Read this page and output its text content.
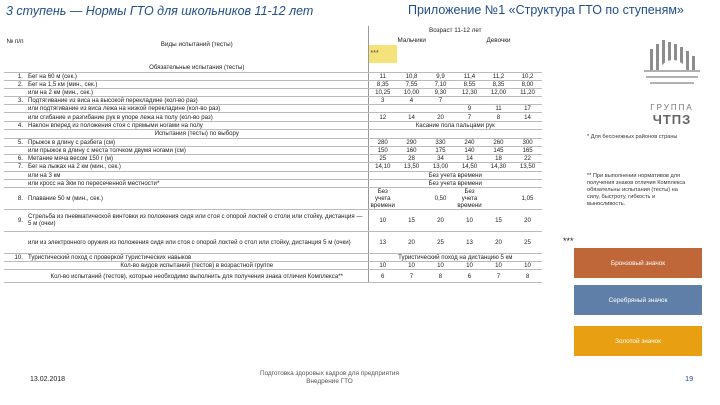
3 ступень — Нормы ГТО для школьников 11-12 лет	Приложение №1 «Структура ГТО по ступеням»
№ п/п	Виды испытаний (тесты)	Возраст 11-12 лет					
		Мальчики			Девочки		
		***					
	Обязательные испытания (тесты)						
1.	Бег на 60 м (сек.)	11	10,8	9,9	11,4	11,2	10,2
2.	Бег на 1,5 км (мин., сек.)	8,35	7,55	7,10	8,55	8,35	8,00
	или на 2 км (мин., сек.)	10,25	10,00	9,30	12,30	12,00	11,20
3.	Подтягивание из виса на высокой перекладине (кол-во раз)	3	4	7			
	или подтягивание из виса лежа на низкой перекладине (кол-во раз)				9	11	17
	или сгибание и разгибание рук в упоре лежа на полу (кол-во раз)	12	14	20	7	8	14
4.	Наклон вперед из положения стоя с прямыми ногами на полу	Касание пола пальцами рук					
	Испытания (тесты) по выбору						
5.	Прыжок в длину с разбега (см)	280	290	330	240	260	300
	или прыжок в длину с места толчком двумя ногами (см)	150	160	175	140	145	165
6.	Метание мяча весом 150 г (м)	25	28	34	14	18	22
7.	Бег на лыжах на 2 км (мин., сек.)	14,10	13,50	13,00	14,50	14,30	13,50
	или на 3 км	Без учета времени					
	или кросс на 3км по пересеченной местности*	Без учета времени					
8.	Плавание 50 м (мин., сек.)	Без учета времени		0,50	Без учета времени		1,05
9.	Стрельба из пневматической винтовки из положения сидя или стоя с опорой локтей о столи или стойку, дистанция — 5 м (очки)	10	15	20	10	15	20
	или из электронного оружия из положения сидя или стоя с опорой локтей о стол или стойку, дистанция 5 м (очки)	13	20	25	13	20	25
10.	Туристический поход с проверкой туристических навыков	Туристический поход на дистанцию 5 км					
	Кол-во видов испытаний (тестов) в возрастной группе	10	10	10	10	10	10
	Кол-во испытаний (тестов), которые необходимо выполнить для получения знака отличия Комплекса**	6	7	8	6	7	8
* Для бесснежных районов страны
** При выполнении нормативов для получения знаков отличия Комплекса обязательны испытания (тесты) на силу, быстроту, гибкость и выносливость.
***
Бронзовый значок
Серебряный значок
Золотой значок
ГРУППА
ЧТПЗ
13.02.2018
Подготовка здоровых кадров для предприятия
Внедрение ГТО	19
